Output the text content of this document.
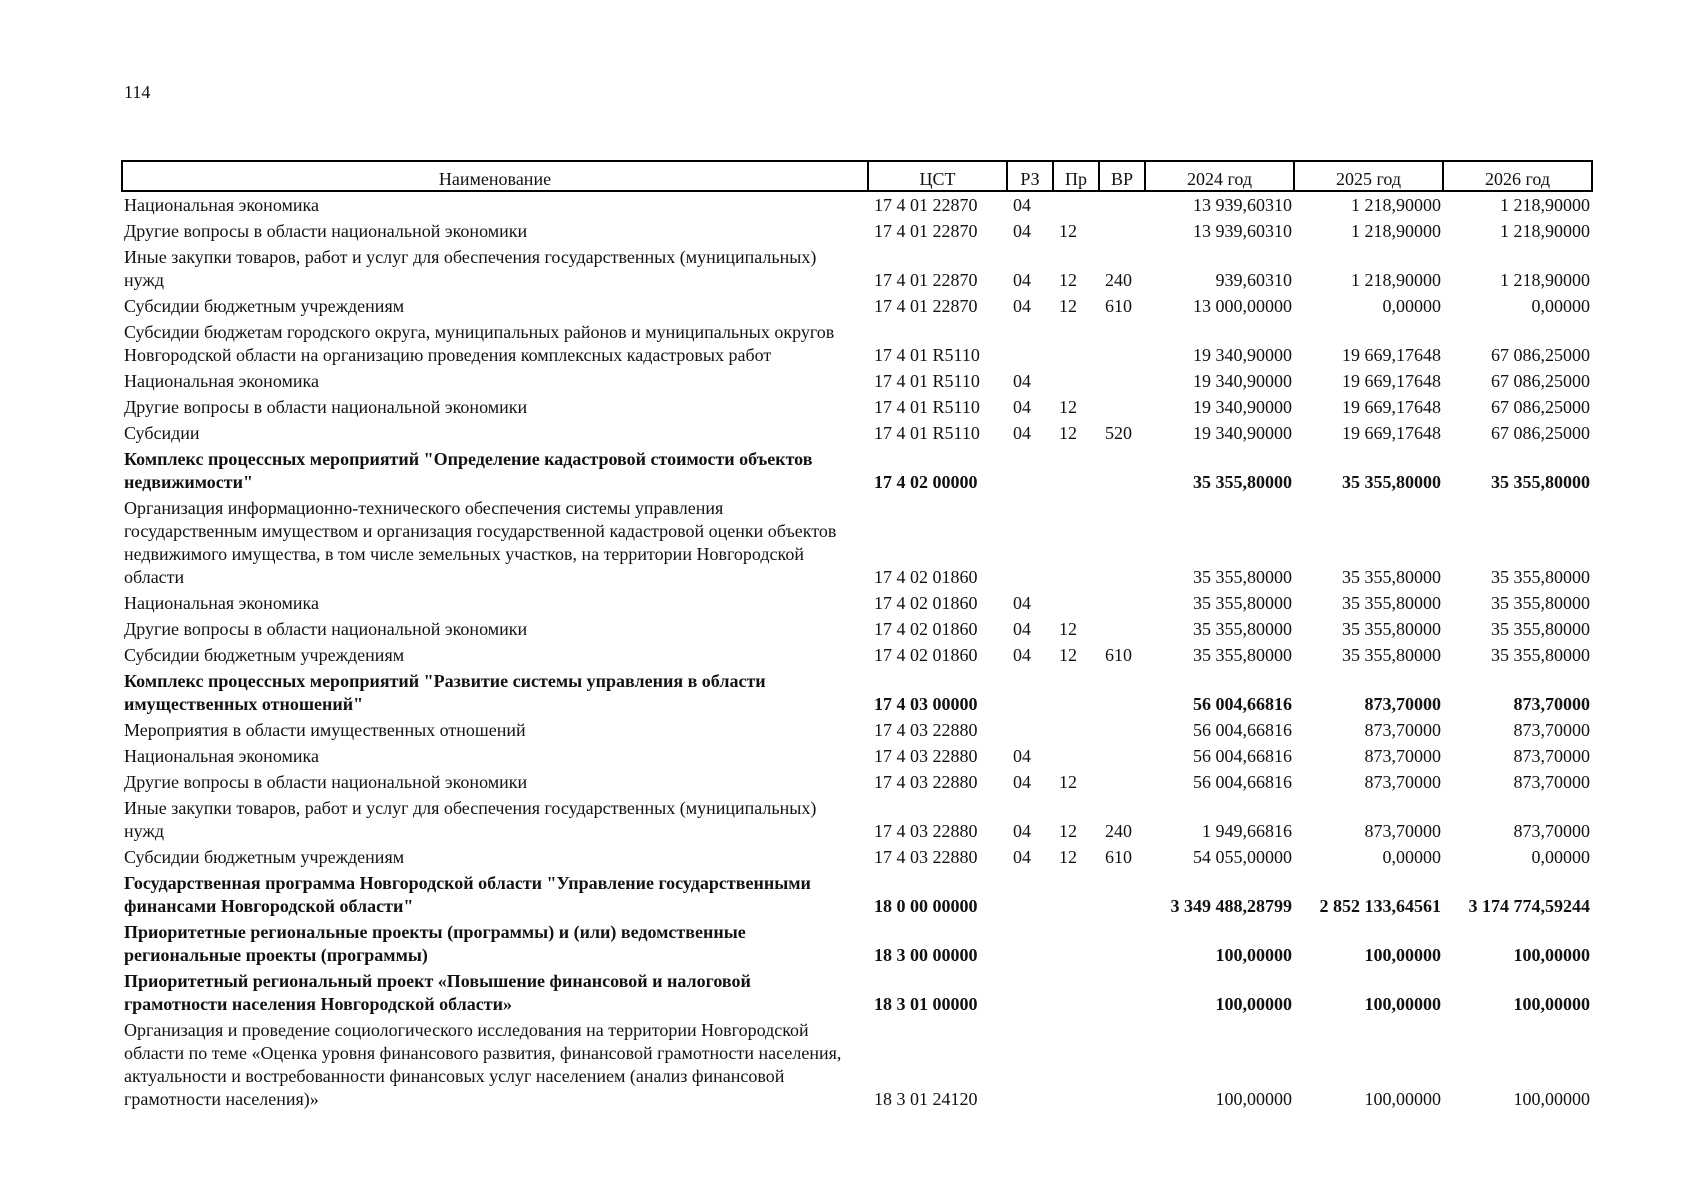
114
Наименование	ЦСТ	РЗ	Пр	ВР	2024 год	2025 год	2026 год
Национальная экономика	17 4 01 22870	04			13 939,60310	1 218,90000	1 218,90000
Другие вопросы в области национальной экономики	17 4 01 22870	04	12		13 939,60310	1 218,90000	1 218,90000
Иные закупки товаров, работ и услуг для обеспечения государственных (муниципальных) нужд	17 4 01 22870	04	12	240	939,60310	1 218,90000	1 218,90000
Субсидии бюджетным учреждениям	17 4 01 22870	04	12	610	13 000,00000	0,00000	0,00000
Субсидии бюджетам городского округа, муниципальных районов и муниципальных округов Новгородской области на организацию проведения комплексных кадастровых работ	17 4 01 R5110				19 340,90000	19 669,17648	67 086,25000
Национальная экономика	17 4 01 R5110	04			19 340,90000	19 669,17648	67 086,25000
Другие вопросы в области национальной экономики	17 4 01 R5110	04	12		19 340,90000	19 669,17648	67 086,25000
Субсидии	17 4 01 R5110	04	12	520	19 340,90000	19 669,17648	67 086,25000
Комплекс процессных мероприятий "Определение кадастровой стоимости объектов недвижимости"	17 4 02 00000				35 355,80000	35 355,80000	35 355,80000
Организация информационно-технического обеспечения системы управления государственным имуществом и организация государственной кадастровой оценки объектов недвижимого имущества, в том числе земельных участков, на территории Новгородской области	17 4 02 01860				35 355,80000	35 355,80000	35 355,80000
Национальная экономика	17 4 02 01860	04			35 355,80000	35 355,80000	35 355,80000
Другие вопросы в области национальной экономики	17 4 02 01860	04	12		35 355,80000	35 355,80000	35 355,80000
Субсидии бюджетным учреждениям	17 4 02 01860	04	12	610	35 355,80000	35 355,80000	35 355,80000
Комплекс процессных мероприятий "Развитие системы управления в области имущественных отношений"	17 4 03 00000				56 004,66816	873,70000	873,70000
Мероприятия в области имущественных отношений	17 4 03 22880				56 004,66816	873,70000	873,70000
Национальная экономика	17 4 03 22880	04			56 004,66816	873,70000	873,70000
Другие вопросы в области национальной экономики	17 4 03 22880	04	12		56 004,66816	873,70000	873,70000
Иные закупки товаров, работ и услуг для обеспечения государственных (муниципальных) нужд	17 4 03 22880	04	12	240	1 949,66816	873,70000	873,70000
Субсидии бюджетным учреждениям	17 4 03 22880	04	12	610	54 055,00000	0,00000	0,00000
Государственная программа Новгородской области "Управление государственными финансами Новгородской области"	18 0 00 00000				3 349 488,28799	2 852 133,64561	3 174 774,59244
Приоритетные региональные проекты (программы) и (или) ведомственные региональные проекты (программы)	18 3 00 00000				100,00000	100,00000	100,00000
Приоритетный региональный проект «Повышение финансовой и налоговой грамотности населения Новгородской области»	18 3 01 00000				100,00000	100,00000	100,00000
Организация и проведение социологического исследования на территории Новгородской области по теме «Оценка уровня финансового развития, финансовой грамотности населения, актуальности и востребованности финансовых услуг населением (анализ финансовой грамотности населения)»	18 3 01 24120				100,00000	100,00000	100,00000
